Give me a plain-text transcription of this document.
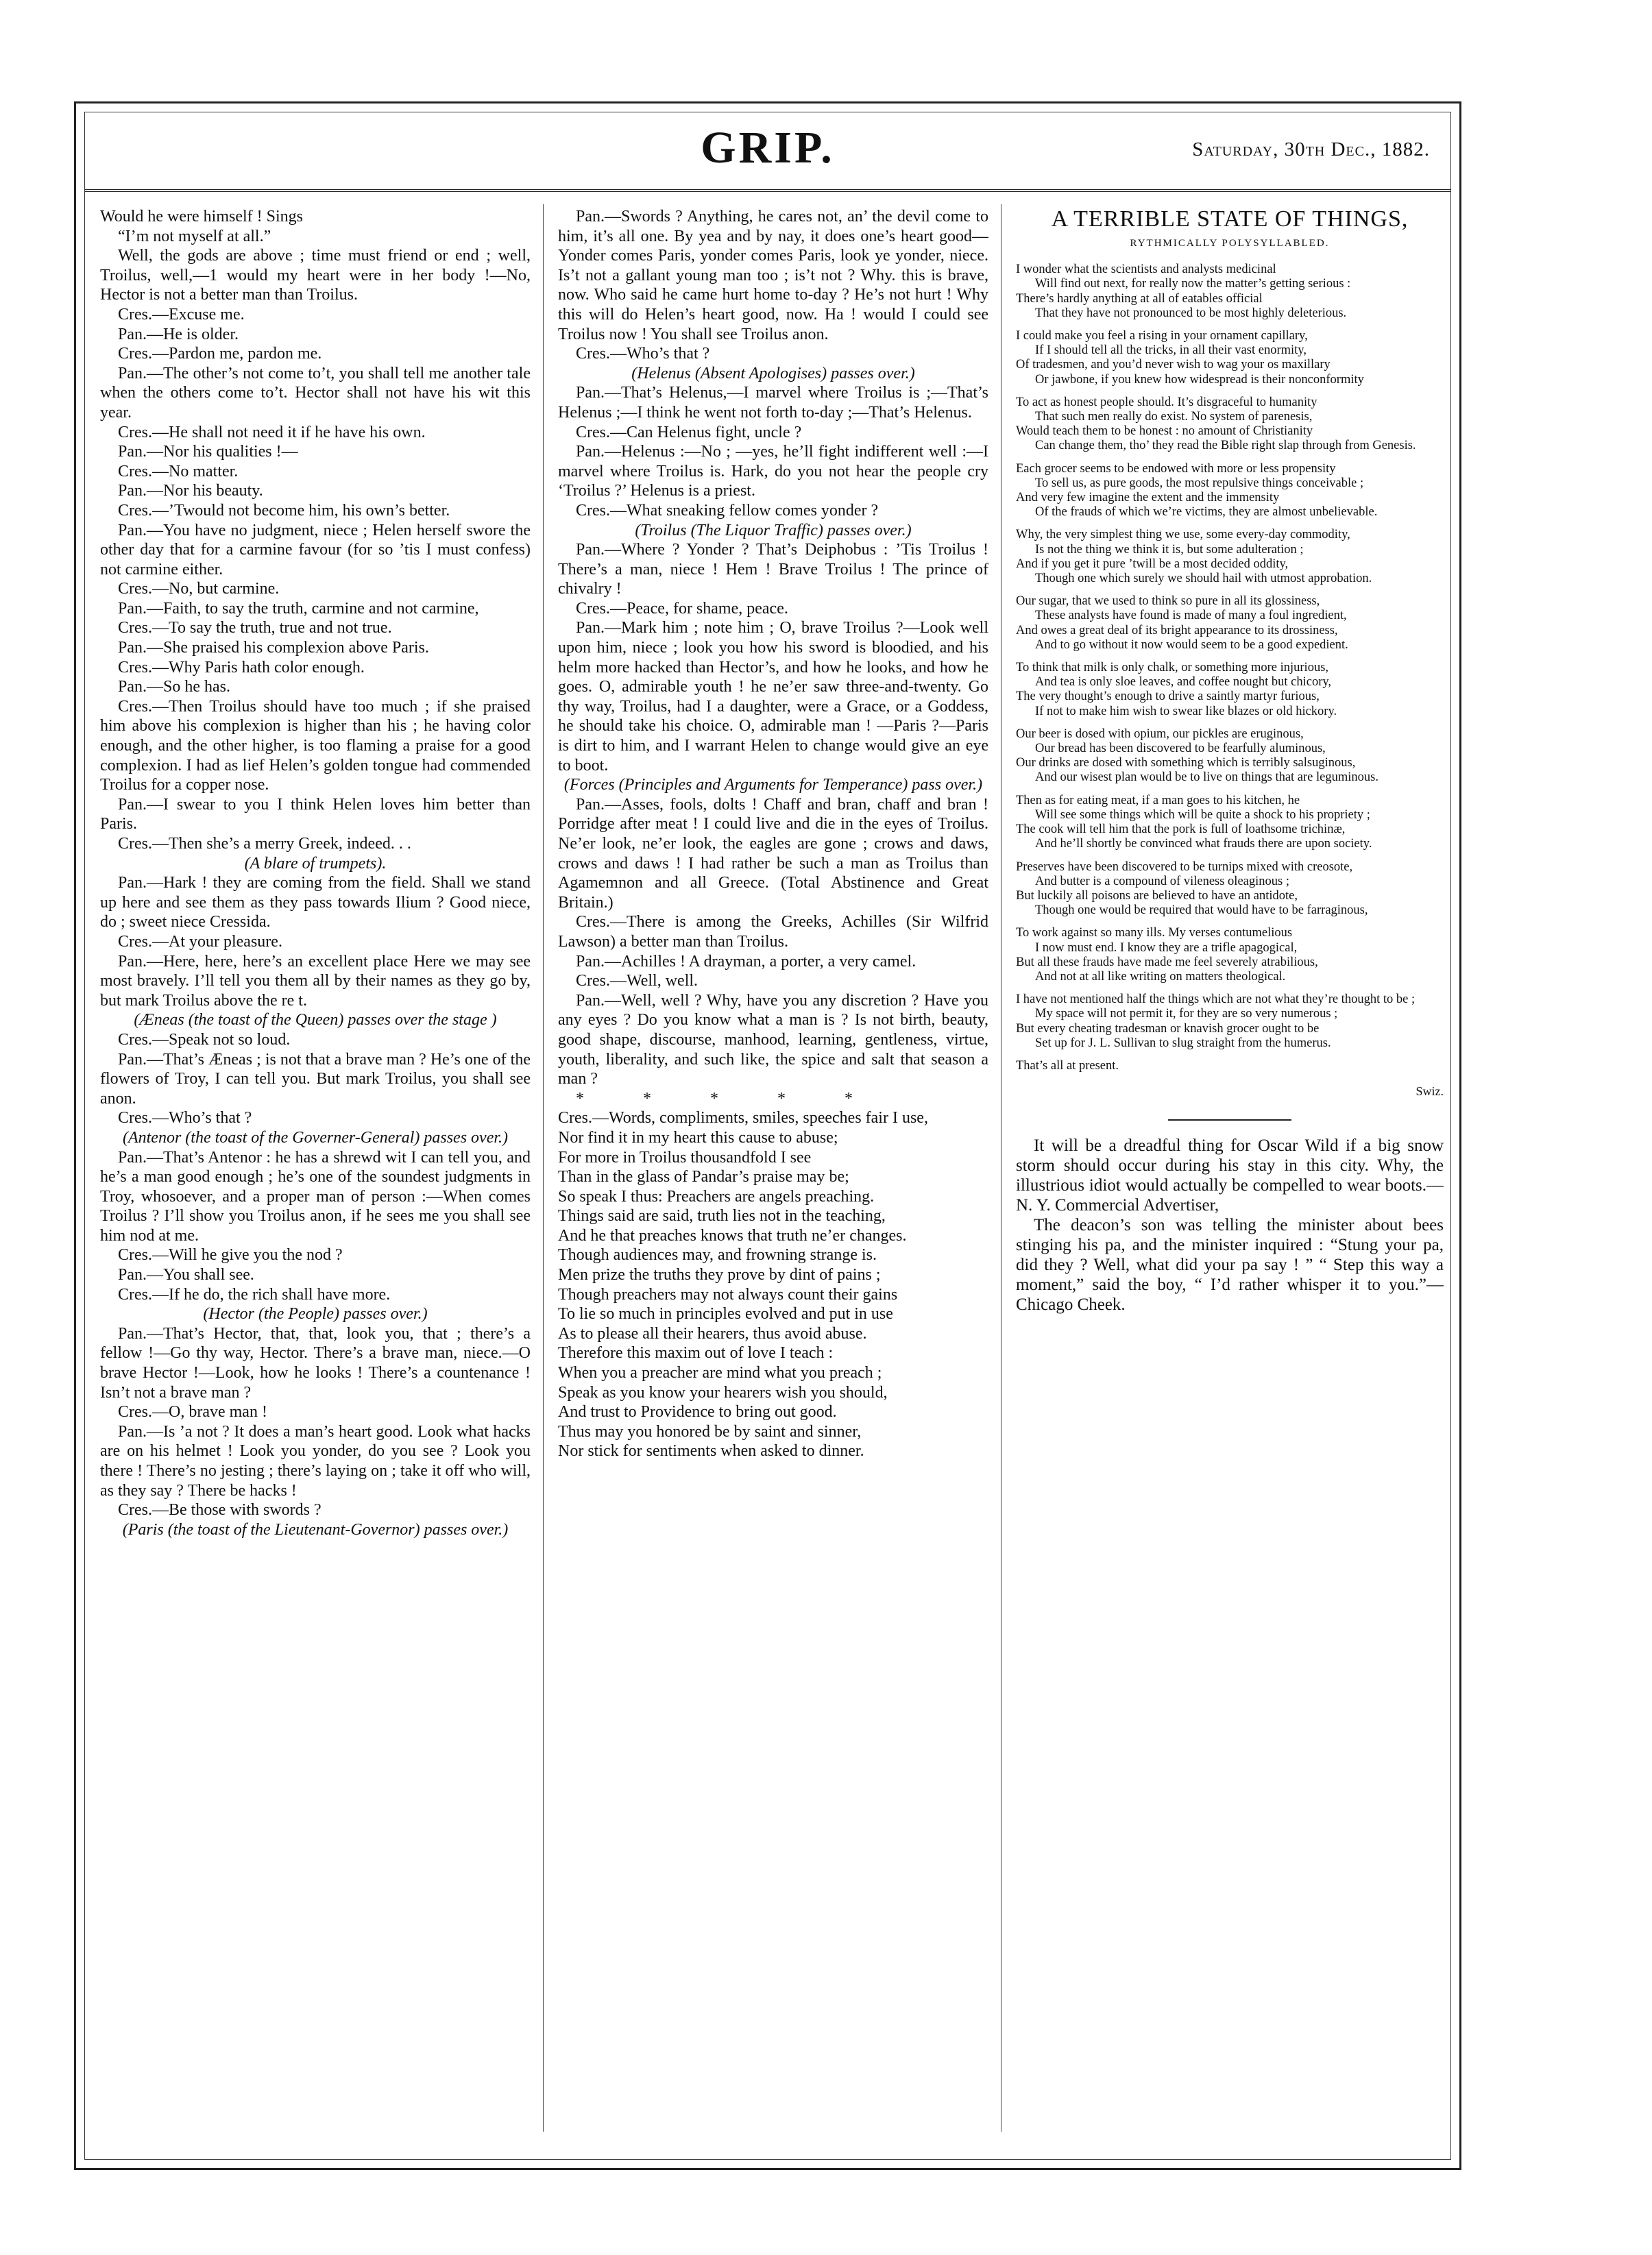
GRIP.	Saturday, 30th Dec., 1882.

Would he were himself ! Sings

“I’m not myself at all.”

Well, the gods are above ; time must friend or end ; well, Troilus, well,—1 would my heart were in her body !—No, Hector is not a better man than Troilus.

Cres.—Excuse me.

Pan.—He is older.

Cres.—Pardon me, pardon me.

Pan.—The other’s not come to’t, you shall tell me another tale when the others come to’t. Hector shall not have his wit this year.

Cres.—He shall not need it if he have his own.

Pan.—Nor his qualities !—

Cres.—No matter.

Pan.—Nor his beauty.

Cres.—’Twould not become him, his own’s better.

Pan.—You have no judgment, niece ; Helen herself swore the other day that for a carmine favour (for so ’tis I must confess) not carmine either.

Cres.—No, but carmine.

Pan.—Faith, to say the truth, carmine and not carmine,

Cres.—To say the truth, true and not true.

Pan.—She praised his complexion above Paris.

Cres.—Why Paris hath color enough.

Pan.—So he has.

Cres.—Then Troilus should have too much ; if she praised him above his complexion is higher than his ; he having color enough, and the other higher, is too flaming a praise for a good complexion. I had as lief Helen’s golden tongue had commended Troilus for a copper nose.

Pan.—I swear to you I think Helen loves him better than Paris.

Cres.—Then she’s a merry Greek, indeed. . .

(A blare of trumpets).

Pan.—Hark ! they are coming from the field. Shall we stand up here and see them as they pass towards Ilium ? Good niece, do ; sweet niece Cressida.

Cres.—At your pleasure.

Pan.—Here, here, here’s an excellent place Here we may see most bravely. I’ll tell you them all by their names as they go by, but mark Troilus above the re t.

(Æneas (the toast of the Queen) passes over the stage )

Cres.—Speak not so loud.

Pan.—That’s Æneas ; is not that a brave man ? He’s one of the flowers of Troy, I can tell you. But mark Troilus, you shall see anon.

Cres.—Who’s that ?

(Antenor (the toast of the Governer-General) passes over.)

Pan.—That’s Antenor : he has a shrewd wit I can tell you, and he’s a man good enough ; he’s one of the soundest judgments in Troy, whosoever, and a proper man of person :—When comes Troilus ? I’ll show you Troilus anon, if he sees me you shall see him nod at me.

Cres.—Will he give you the nod ?

Pan.—You shall see.

Cres.—If he do, the rich shall have more.

(Hector (the People) passes over.)

Pan.—That’s Hector, that, that, look you, that ; there’s a fellow !—Go thy way, Hector. There’s a brave man, niece.—O brave Hector !—Look, how he looks ! There’s a countenance ! Isn’t not a brave man ?

Cres.—O, brave man !

Pan.—Is ’a not ? It does a man’s heart good. Look what hacks are on his helmet ! Look you yonder, do you see ? Look you there ! There’s no jesting ; there’s laying on ; take it off who will, as they say ? There be hacks !

Cres.—Be those with swords ?

(Paris (the toast of the Lieutenant-Governor) passes over.)

Pan.—Swords ? Anything, he cares not, an’ the devil come to him, it’s all one. By yea and by nay, it does one’s heart good—Yonder comes Paris, yonder comes Paris, look ye yonder, niece. Is’t not a gallant young man too ; is’t not ? Why. this is brave, now. Who said he came hurt home to-day ? He’s not hurt ! Why this will do Helen’s heart good, now. Ha ! would I could see Troilus now ! You shall see Troilus anon.

Cres.—Who’s that ?

(Helenus (Absent Apologises) passes over.)

Pan.—That’s Helenus,—I marvel where Troilus is ;—That’s Helenus ;—I think he went not forth to-day ;—That’s Helenus.

Cres.—Can Helenus fight, uncle ?

Pan.—Helenus :—No ; —yes, he’ll fight indifferent well :—I marvel where Troilus is. Hark, do you not hear the people cry ‘Troilus ?’ Helenus is a priest.

Cres.—What sneaking fellow comes yonder ?

(Troilus (The Liquor Traffic) passes over.)

Pan.—Where ? Yonder ? That’s Deiphobus : ’Tis Troilus ! There’s a man, niece ! Hem ! Brave Troilus ! The prince of chivalry !

Cres.—Peace, for shame, peace.

Pan.—Mark him ; note him ; O, brave Troilus ?—Look well upon him, niece ; look you how his sword is bloodied, and his helm more hacked than Hector’s, and how he looks, and how he goes. O, admirable youth ! he ne’er saw three-and-twenty. Go thy way, Troilus, had I a daughter, were a Grace, or a Goddess, he should take his choice. O, admirable man ! —Paris ?—Paris is dirt to him, and I warrant Helen to change would give an eye to boot.

(Forces (Principles and Arguments for Temperance) pass over.)

Pan.—Asses, fools, dolts ! Chaff and bran, chaff and bran ! Porridge after meat ! I could live and die in the eyes of Troilus. Ne’er look, ne’er look, the eagles are gone ; crows and daws, crows and daws ! I had rather be such a man as Troilus than Agamemnon and all Greece. (Total Abstinence and Great Britain.)

Cres.—There is among the Greeks, Achilles (Sir Wilfrid Lawson) a better man than Troilus.

Pan.—Achilles ! A drayman, a porter, a very camel.

Cres.—Well, well.

Pan.—Well, well ? Why, have you any discretion ? Have you any eyes ? Do you know what a man is ? Is not birth, beauty, good shape, discourse, manhood, learning, gentleness, virtue, youth, liberality, and such like, the spice and salt that season a man ?

* * * * *

Cres.—Words, compliments, smiles, speeches fair I use,

Nor find it in my heart this cause to abuse;

For more in Troilus thousandfold I see

Than in the glass of Pandar’s praise may be;

So speak I thus: Preachers are angels preaching.

Things said are said, truth lies not in the teaching,

And he that preaches knows that truth ne’er changes.

Though audiences may, and frowning strange is.

Men prize the truths they prove by dint of pains ;

Though preachers may not always count their gains

To lie so much in principles evolved and put in use

As to please all their hearers, thus avoid abuse.

Therefore this maxim out of love I teach :

When you a preacher are mind what you preach ;

Speak as you know your hearers wish you should,

And trust to Providence to bring out good.

Thus may you honored be by saint and sinner,

Nor stick for sentiments when asked to dinner.

A TERRIBLE STATE OF THINGS,
RYTHMICALLY POLYSYLLABLED.

I wonder what the scientists and analysts medicinal
Will find out next, for really now the matter’s getting serious :
There’s hardly anything at all of eatables official
That they have not pronounced to be most highly deleterious.

I could make you feel a rising in your ornament capillary,
If I should tell all the tricks, in all their vast enormity,
Of tradesmen, and you’d never wish to wag your os maxillary
Or jawbone, if you knew how widespread is their nonconformity

To act as honest people should. It’s disgraceful to humanity
That such men really do exist. No system of parenesis,
Would teach them to be honest : no amount of Christianity
Can change them, tho’ they read the Bible right slap through from Genesis.

Each grocer seems to be endowed with more or less propensity
To sell us, as pure goods, the most repulsive things conceivable ;
And very few imagine the extent and the immensity
Of the frauds of which we’re victims, they are almost unbelievable.

Why, the very simplest thing we use, some every-day commodity,
Is not the thing we think it is, but some adulteration ;
And if you get it pure ’twill be a most decided oddity,
Though one which surely we should hail with utmost approbation.

Our sugar, that we used to think so pure in all its glossiness,
These analysts have found is made of many a foul ingredient,
And owes a great deal of its bright appearance to its drossiness,
And to go without it now would seem to be a good expedient.

To think that milk is only chalk, or something more injurious,
And tea is only sloe leaves, and coffee nought but chicory,
The very thought’s enough to drive a saintly martyr furious,
If not to make him wish to swear like blazes or old hickory.

Our beer is dosed with opium, our pickles are eruginous,
Our bread has been discovered to be fearfully aluminous,
Our drinks are dosed with something which is terribly salsuginous,
And our wisest plan would be to live on things that are leguminous.

Then as for eating meat, if a man goes to his kitchen, he
Will see some things which will be quite a shock to his propriety ;
The cook will tell him that the pork is full of loathsome trichinæ,
And he’ll shortly be convinced what frauds there are upon society.

Preserves have been discovered to be turnips mixed with creosote,
And butter is a compound of vileness oleaginous ;
But luckily all poisons are believed to have an antidote,
Though one would be required that would have to be farraginous,

To work against so many ills. My verses contumelious
I now must end. I know they are a trifle apagogical,
But all these frauds have made me feel severely atrabilious,
And not at all like writing on matters theological.

I have not mentioned half the things which are not what they’re thought to be ;
My space will not permit it, for they are so very numerous ;
But every cheating tradesman or knavish grocer ought to be
Set up for J. L. Sullivan to slug straight from the humerus.

That’s all at present.

Swiz.

It will be a dreadful thing for Oscar Wild if a big snow storm should occur during his stay in this city. Why, the illustrious idiot would actually be compelled to wear boots.—N. Y. Commercial Advertiser,

The deacon’s son was telling the minister about bees stinging his pa, and the minister inquired : “Stung your pa, did they ? Well, what did your pa say ! ” “ Step this way a moment,” said the boy, “ I’d rather whisper it to you.”—Chicago Cheek.
